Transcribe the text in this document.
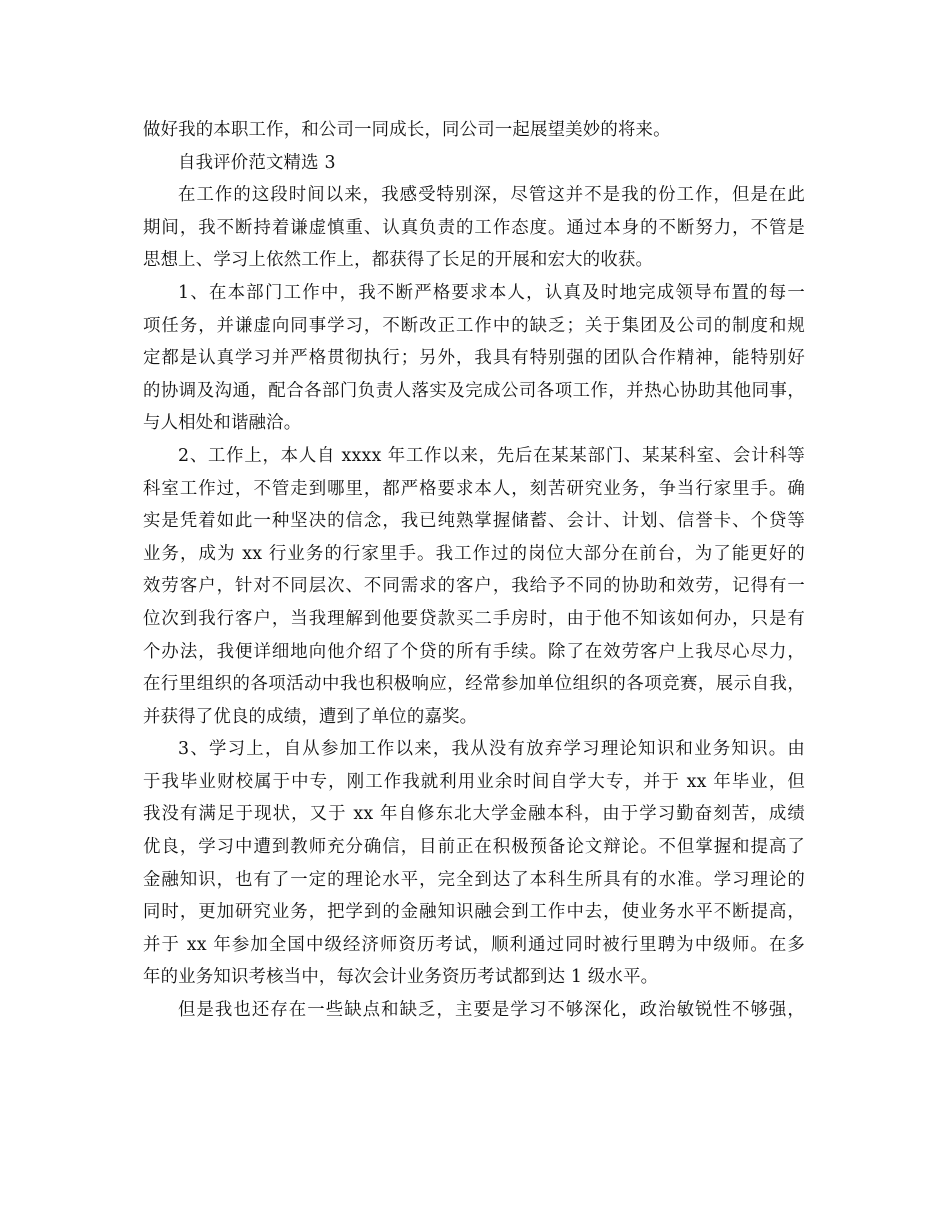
做好我的本职工作，和公司一同成长，同公司一起展望美妙的将来。
自我评价范文精选 3
在工作的这段时间以来，我感受特别深，尽管这并不是我的份工作，但是在此
期间，我不断持着谦虚慎重、认真负责的工作态度。通过本身的不断努力，不管是
思想上、学习上依然工作上，都获得了长足的开展和宏大的收获。
1、在本部门工作中，我不断严格要求本人，认真及时地完成领导布置的每一
项任务，并谦虚向同事学习，不断改正工作中的缺乏；关于集团及公司的制度和规
定都是认真学习并严格贯彻执行；另外，我具有特别强的团队合作精神，能特别好
的协调及沟通，配合各部门负责人落实及完成公司各项工作，并热心协助其他同事，
与人相处和谐融洽。
2、工作上，本人自 xxxx 年工作以来，先后在某某部门、某某科室、会计科等
科室工作过，不管走到哪里，都严格要求本人，刻苦研究业务，争当行家里手。确
实是凭着如此一种坚决的信念，我已纯熟掌握储蓄、会计、计划、信誉卡、个贷等
业务，成为 xx 行业务的行家里手。我工作过的岗位大部分在前台，为了能更好的
效劳客户，针对不同层次、不同需求的客户，我给予不同的协助和效劳，记得有一
位次到我行客户，当我理解到他要贷款买二手房时，由于他不知该如何办，只是有
个办法，我便详细地向他介绍了个贷的所有手续。除了在效劳客户上我尽心尽力，
在行里组织的各项活动中我也积极响应，经常参加单位组织的各项竞赛，展示自我，
并获得了优良的成绩，遭到了单位的嘉奖。
3、学习上，自从参加工作以来，我从没有放弃学习理论知识和业务知识。由
于我毕业财校属于中专，刚工作我就利用业余时间自学大专，并于 xx 年毕业，但
我没有满足于现状，又于 xx 年自修东北大学金融本科，由于学习勤奋刻苦，成绩
优良，学习中遭到教师充分确信，目前正在积极预备论文辩论。不但掌握和提高了
金融知识，也有了一定的理论水平，完全到达了本科生所具有的水准。学习理论的
同时，更加研究业务，把学到的金融知识融会到工作中去，使业务水平不断提高，
并于 xx 年参加全国中级经济师资历考试，顺利通过同时被行里聘为中级师。在多
年的业务知识考核当中，每次会计业务资历考试都到达 1 级水平。
但是我也还存在一些缺点和缺乏，主要是学习不够深化，政治敏锐性不够强，
